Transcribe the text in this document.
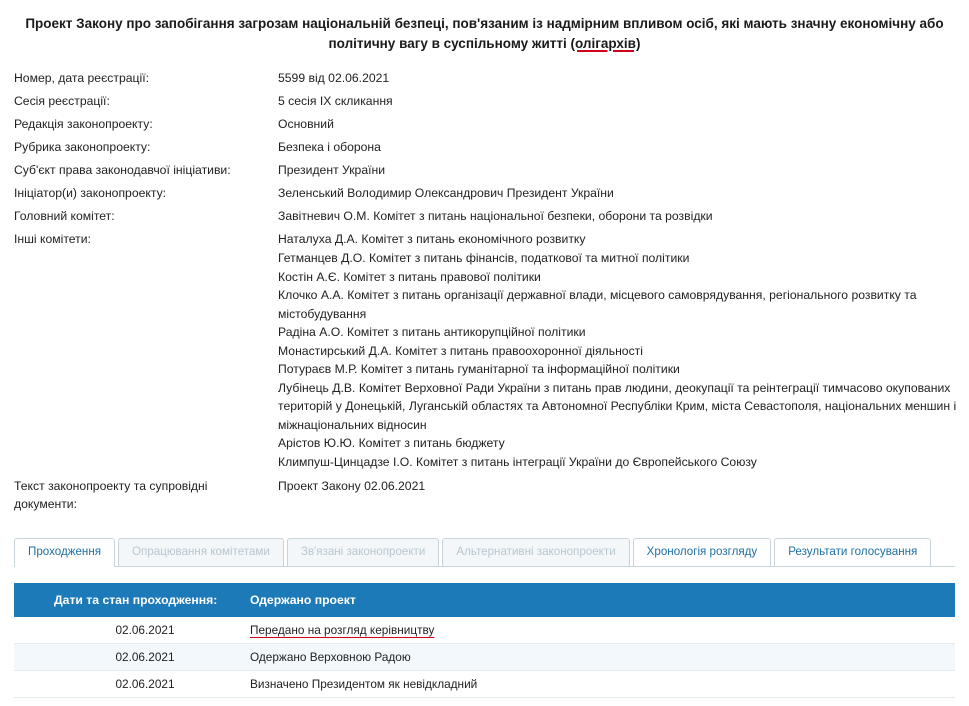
Проект Закону про запобігання загрозам національній безпеці, пов'язаним із надмірним впливом осіб, які мають значну економічну або політичну вагу в суспільному житті (олігархів)
Номер, дата реєстрації:	5599 від 02.06.2021
Сесія реєстрації:	5 сесія IX скликання
Редакція законопроекту:	Основний
Рубрика законопроекту:	Безпека і оборона
Суб'єкт права законодавчої ініціативи:	Президент України
Ініціатор(и) законопроекту:	Зеленський Володимир Олександрович Президент України
Головний комітет:	Завітневич О.М. Комітет з питань національної безпеки, оборони та розвідки
Інші комітети:	Наталуха Д.А. Комітет з питань економічного розвитку
Гетманцев Д.О. Комітет з питань фінансів, податкової та митної політики
Костін А.Є. Комітет з питань правової політики
Клочко А.А. Комітет з питань організації державної влади, місцевого самоврядування, регіонального розвитку та містобудування
Радіна А.О. Комітет з питань антикорупційної політики
Монастирський Д.А. Комітет з питань правоохоронної діяльності
Потураєв М.Р. Комітет з питань гуманітарної та інформаційної політики
Лубінець Д.В. Комітет Верховної Ради України з питань прав людини, деокупації та реінтеграції тимчасово окупованих територій у Донецькій, Луганській областях та Автономної Республіки Крим, міста Севастополя, національних меншин і міжнаціональних відносин
Арістов Ю.Ю. Комітет з питань бюджету
Климпуш-Цинцадзе І.О. Комітет з питань інтеграції України до Європейського Союзу

Текст законопроекту та супровідні документи:	Проект Закону 02.06.2021
Проходження	Опрацювання комітетами	Зв'язані законопроекти	Альтернативні законопроекти	Хронологія розгляду	Результати голосування
Дати та стан проходження:	Одержано проект
02.06.2021	Передано на розгляд керівництву
02.06.2021	Одержано Верховною Радою
02.06.2021	Визначено Президентом як невідкладний
